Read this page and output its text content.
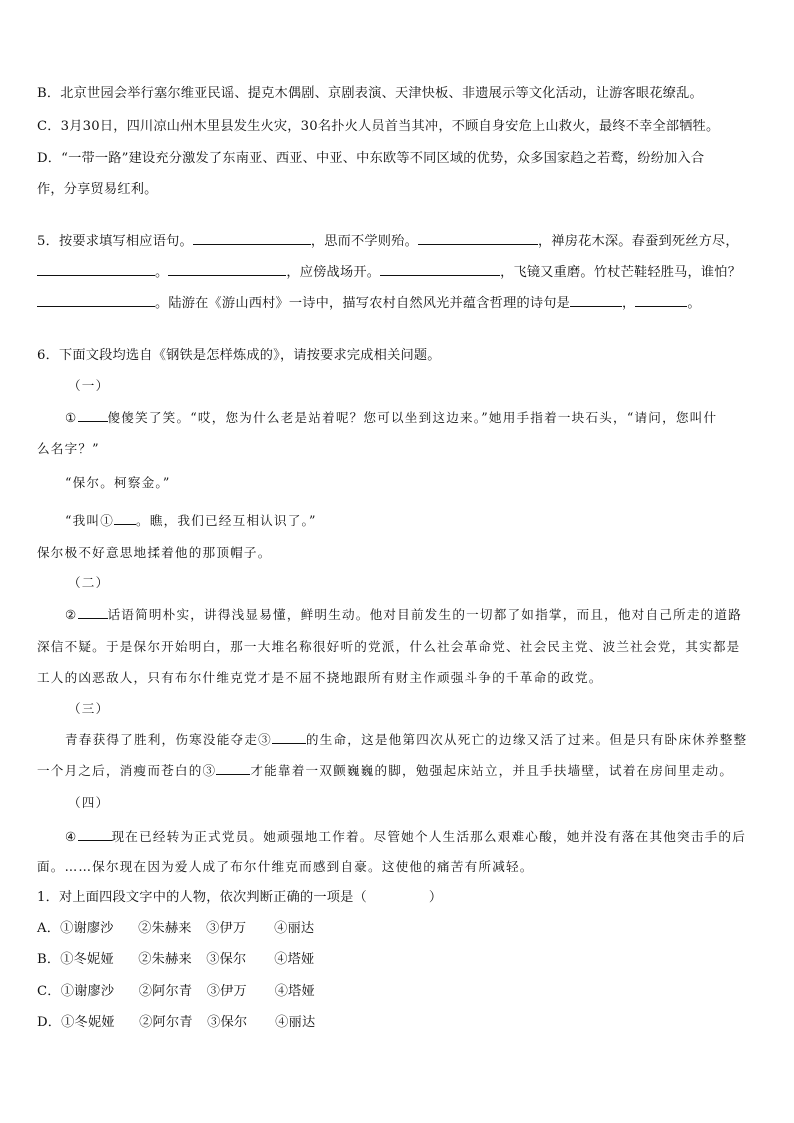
B．北京世园会举行塞尔维亚民谣、提克木偶剧、京剧表演、天津快板、非遗展示等文化活动，让游客眼花缭乱。
C．3月30日，四川凉山州木里县发生火灾，30名扑火人员首当其冲，不顾自身安危上山救火，最终不幸全部牺牲。
D．“一带一路”建设充分激发了东南亚、西亚、中亚、中东欧等不同区域的优势，众多国家趋之若鹜，纷纷加入合
作，分享贸易红利。
5．按要求填写相应语句。	，思而不学则殆。	，禅房花木深。春蚕到死丝方尽，
。	，应傍战场开。	，飞镜又重磨。竹杖芒鞋轻胜马，谁怕？
。陆游在《游山西村》一诗中，描写农村自然风光并蕴含哲理的诗句是	，	。
6．下面文段均选自《钢铁是怎样炼成的》，请按要求完成相关问题。
（一）
① 傻傻笑了笑。“哎，您为什么老是站着呢？您可以坐到这边来。”她用手指着一块石头，“请问，您叫什
么名字？”
“保尔。柯察金。”
“我叫① 。瞧，我们已经互相认识了。”
保尔极不好意思地揉着他的那顶帽子。
（二）
② 话语简明朴实，讲得浅显易懂，鲜明生动。他对目前发生的一切都了如指掌，而且，他对自己所走的道路
深信不疑。于是保尔开始明白，那一大堆名称很好听的党派，什么社会革命党、社会民主党、波兰社会党，其实都是
工人的凶恶敌人，只有布尔什维克党才是不屈不挠地跟所有财主作顽强斗争的千革命的政党。
（三）
青春获得了胜利，伤寒没能夺走③	的生命，这是他第四次从死亡的边缘又活了过来。但是只有卧床休养整整
一个月之后，消瘦而苍白的③	才能靠着一双颤巍巍的脚，勉强起床站立，并且手扶墙壁，试着在房间里走动。
（四）
④	现在已经转为正式党员。她顽强地工作着。尽管她个人生活那么艰难心酸，她并没有落在其他突击手的后
面。……保尔现在因为爱人成了布尔什维克而感到自豪。这使他的痛苦有所减轻。
1．对上面四段文字中的人物，依次判断正确的一项是（	）
A．①谢廖沙 ②朱赫来 ③伊万 ④丽达
B．①冬妮娅 ②朱赫来 ③保尔 ④塔娅
C．①谢廖沙 ②阿尔青 ③伊万 ④塔娅
D．①冬妮娅 ②阿尔青 ③保尔 ④丽达
